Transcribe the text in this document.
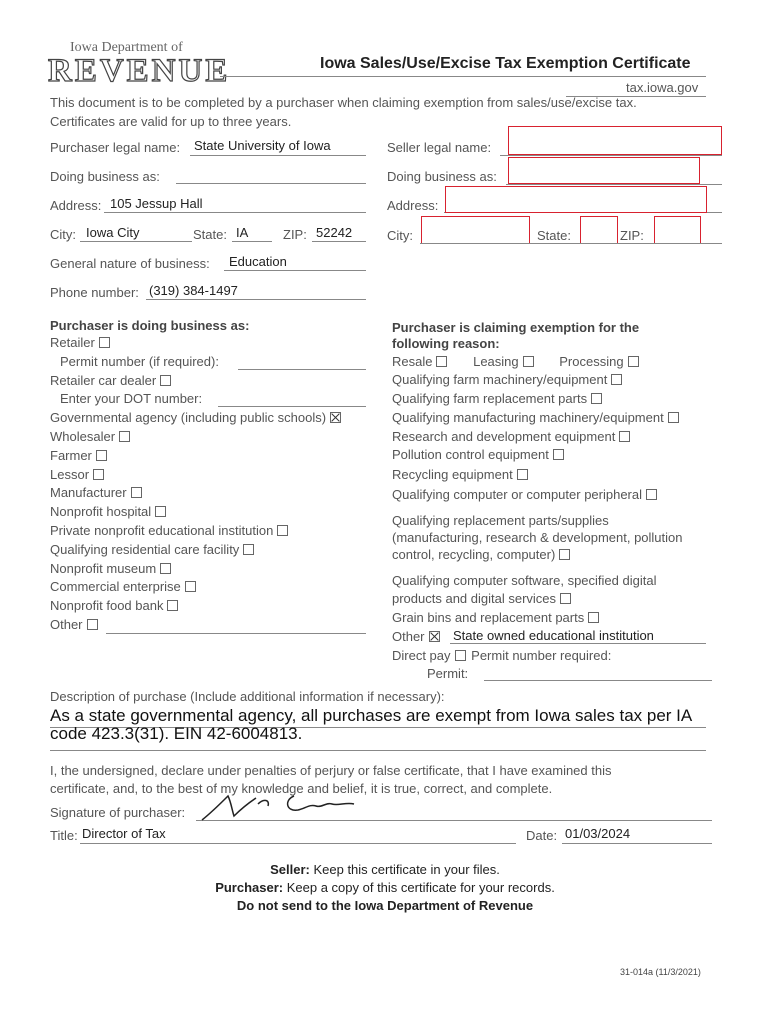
Iowa Department of
REVENUE	Iowa Sales/Use/Excise Tax Exemption Certificate
tax.iowa.gov
This document is to be completed by a purchaser when claiming exemption from sales/use/excise tax.
Certificates are valid for up to three years.
Purchaser legal name: State University of Iowa
Doing business as:
Address: 105 Jessup Hall
City: Iowa City	State: IA	ZIP: 52242
General nature of business: Education
Phone number: (319) 384-1497
Seller legal name:
Doing business as:
Address:
City:	State:	ZIP:
Purchaser is doing business as:
Retailer
Permit number (if required):
Retailer car dealer
Enter your DOT number:
Governmental agency (including public schools)
Wholesaler
Farmer
Lessor
Manufacturer
Nonprofit hospital
Private nonprofit educational institution
Qualifying residential care facility
Nonprofit museum
Commercial enterprise
Nonprofit food bank
Other
Purchaser is claiming exemption for the
following reason:
Resale	Leasing	Processing
Qualifying farm machinery/equipment
Qualifying farm replacement parts
Qualifying manufacturing machinery/equipment
Research and development equipment
Pollution control equipment
Recycling equipment
Qualifying computer or computer peripheral
Qualifying replacement parts/supplies
(manufacturing, research & development, pollution
control, recycling, computer)
Qualifying computer software, specified digital
products and digital services
Grain bins and replacement parts
Other	State owned educational institution
Direct pay Permit number required:
Permit:
Description of purchase (Include additional information if necessary):
As a state governmental agency, all purchases are exempt from Iowa sales tax per IA
code 423.3(31). EIN 42-6004813.
I, the undersigned, declare under penalties of perjury or false certificate, that I have examined this
certificate, and, to the best of my knowledge and belief, it is true, correct, and complete.
Signature of purchaser:
Title: Director of Tax	Date: 01/03/2024
Seller: Keep this certificate in your files.
Purchaser: Keep a copy of this certificate for your records.
Do not send to the Iowa Department of Revenue
31-014a (11/3/2021)
